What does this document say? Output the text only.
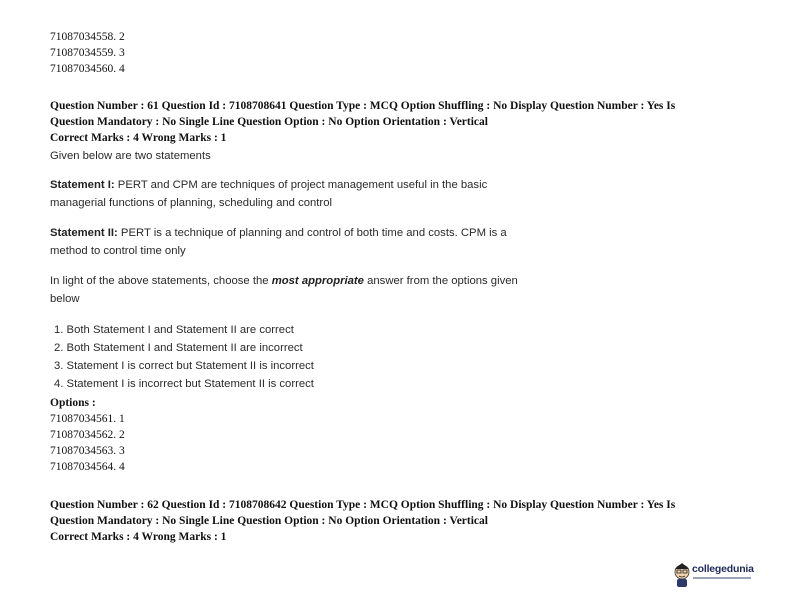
71087034558. 2
71087034559. 3
71087034560. 4
Question Number : 61 Question Id : 7108708641 Question Type : MCQ Option Shuffling : No Display Question Number : Yes Is
Question Mandatory : No Single Line Question Option : No Option Orientation : Vertical
Correct Marks : 4 Wrong Marks : 1
Given below are two statements
Statement I: PERT and CPM are techniques of project management useful in the basic
managerial functions of planning, scheduling and control
Statement II: PERT is a technique of planning and control of both time and costs. CPM is a
method to control time only
In light of the above statements, choose the most appropriate answer from the options given
below
1. Both Statement I and Statement II are correct
2. Both Statement I and Statement II are incorrect
3. Statement I is correct but Statement II is incorrect
4. Statement I is incorrect but Statement II is correct
Options :
71087034561. 1
71087034562. 2
71087034563. 3
71087034564. 4
Question Number : 62 Question Id : 7108708642 Question Type : MCQ Option Shuffling : No Display Question Number : Yes Is
Question Mandatory : No Single Line Question Option : No Option Orientation : Vertical
Correct Marks : 4 Wrong Marks : 1
collegedunia
